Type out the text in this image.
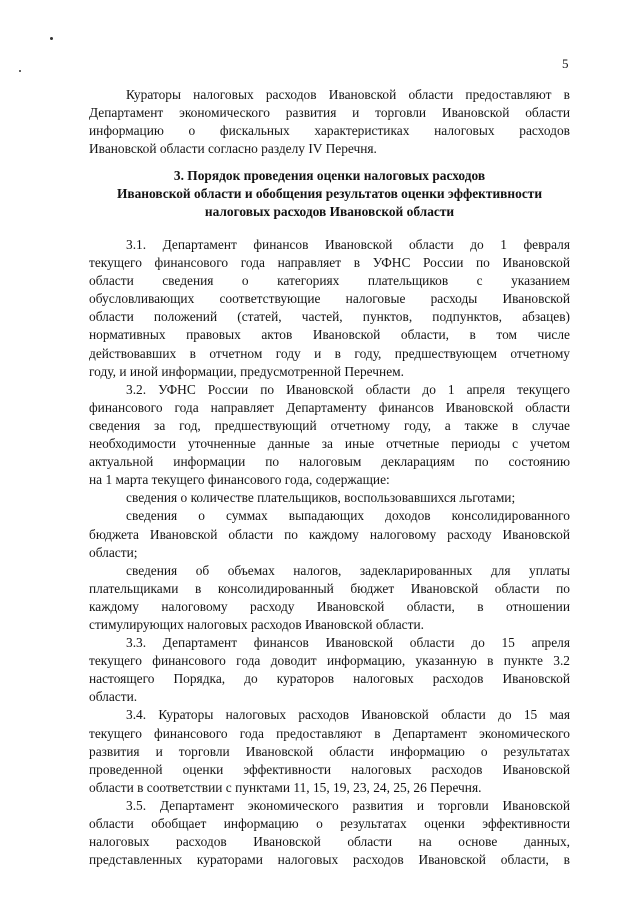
5
Кураторы налоговых расходов Ивановской области предоставляют в
Департамент экономического развития и торговли Ивановской области
информацию о фискальных характеристиках налоговых расходов
Ивановской области согласно разделу IV Перечня.
3. Порядок проведения оценки налоговых расходов
Ивановской области и обобщения результатов оценки эффективности
налоговых расходов Ивановской области
3.1. Департамент финансов Ивановской области до 1 февраля
текущего финансового года направляет в УФНС России по Ивановской
области сведения о категориях плательщиков с указанием
обусловливающих соответствующие налоговые расходы Ивановской
области положений (статей, частей, пунктов, подпунктов, абзацев)
нормативных правовых актов Ивановской области, в том числе
действовавших в отчетном году и в году, предшествующем отчетному
году, и иной информации, предусмотренной Перечнем.
3.2. УФНС России по Ивановской области до 1 апреля текущего
финансового года направляет Департаменту финансов Ивановской области
сведения за год, предшествующий отчетному году, а также в случае
необходимости уточненные данные за иные отчетные периоды с учетом
актуальной информации по налоговым декларациям по состоянию
на 1 марта текущего финансового года, содержащие:
сведения о количестве плательщиков, воспользовавшихся льготами;
сведения о суммах выпадающих доходов консолидированного
бюджета Ивановской области по каждому налоговому расходу Ивановской
области;
сведения об объемах налогов, задекларированных для уплаты
плательщиками в консолидированный бюджет Ивановской области по
каждому налоговому расходу Ивановской области, в отношении
стимулирующих налоговых расходов Ивановской области.
3.3. Департамент финансов Ивановской области до 15 апреля
текущего финансового года доводит информацию, указанную в пункте 3.2
настоящего Порядка, до кураторов налоговых расходов Ивановской
области.
3.4. Кураторы налоговых расходов Ивановской области до 15 мая
текущего финансового года предоставляют в Департамент экономического
развития и торговли Ивановской области информацию о результатах
проведенной оценки эффективности налоговых расходов Ивановской
области в соответствии с пунктами 11, 15, 19, 23, 24, 25, 26 Перечня.
3.5. Департамент экономического развития и торговли Ивановской
области обобщает информацию о результатах оценки эффективности
налоговых расходов Ивановской области на основе данных,
представленных кураторами налоговых расходов Ивановской области, в
